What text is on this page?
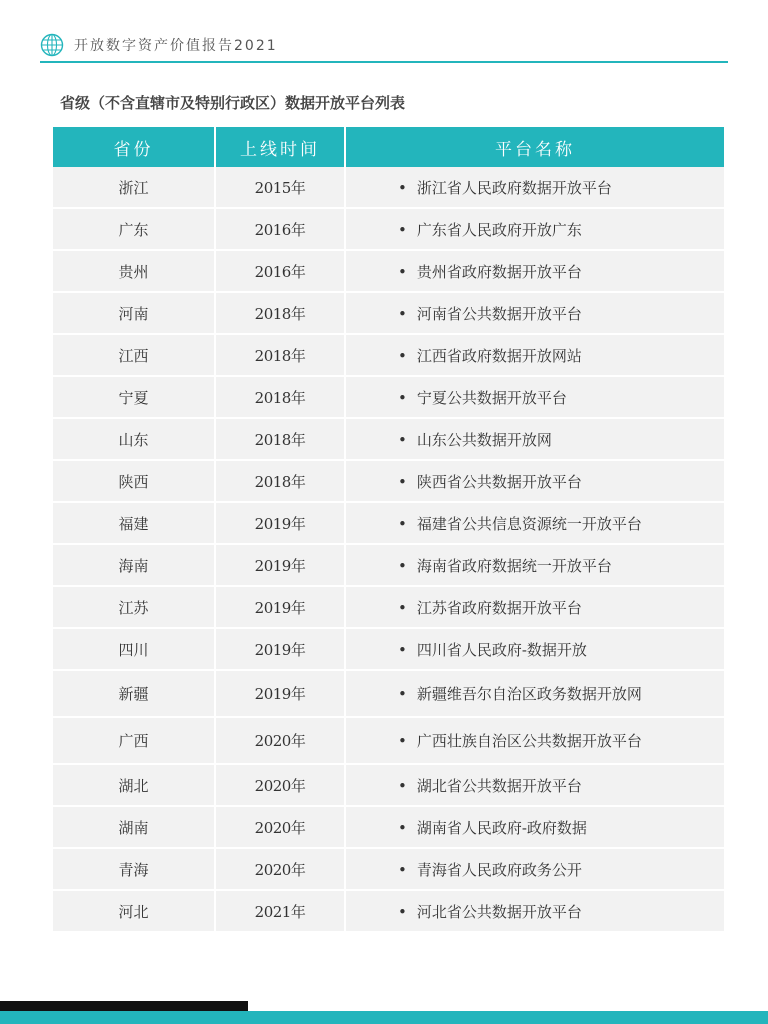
开放数字资产价值报告2021
省级（不含直辖市及特别行政区）数据开放平台列表
省份	上线时间	平台名称
浙江	2015年	• 浙江省人民政府数据开放平台
广东	2016年	• 广东省人民政府开放广东
贵州	2016年	• 贵州省政府数据开放平台
河南	2018年	• 河南省公共数据开放平台
江西	2018年	• 江西省政府数据开放网站
宁夏	2018年	• 宁夏公共数据开放平台
山东	2018年	• 山东公共数据开放网
陕西	2018年	• 陕西省公共数据开放平台
福建	2019年	• 福建省公共信息资源统一开放平台
海南	2019年	• 海南省政府数据统一开放平台
江苏	2019年	• 江苏省政府数据开放平台
四川	2019年	• 四川省人民政府-数据开放
新疆	2019年	• 新疆维吾尔自治区政务数据开放网
广西	2020年	• 广西壮族自治区公共数据开放平台
湖北	2020年	• 湖北省公共数据开放平台
湖南	2020年	• 湖南省人民政府-政府数据
青海	2020年	• 青海省人民政府政务公开
河北	2021年	• 河北省公共数据开放平台
